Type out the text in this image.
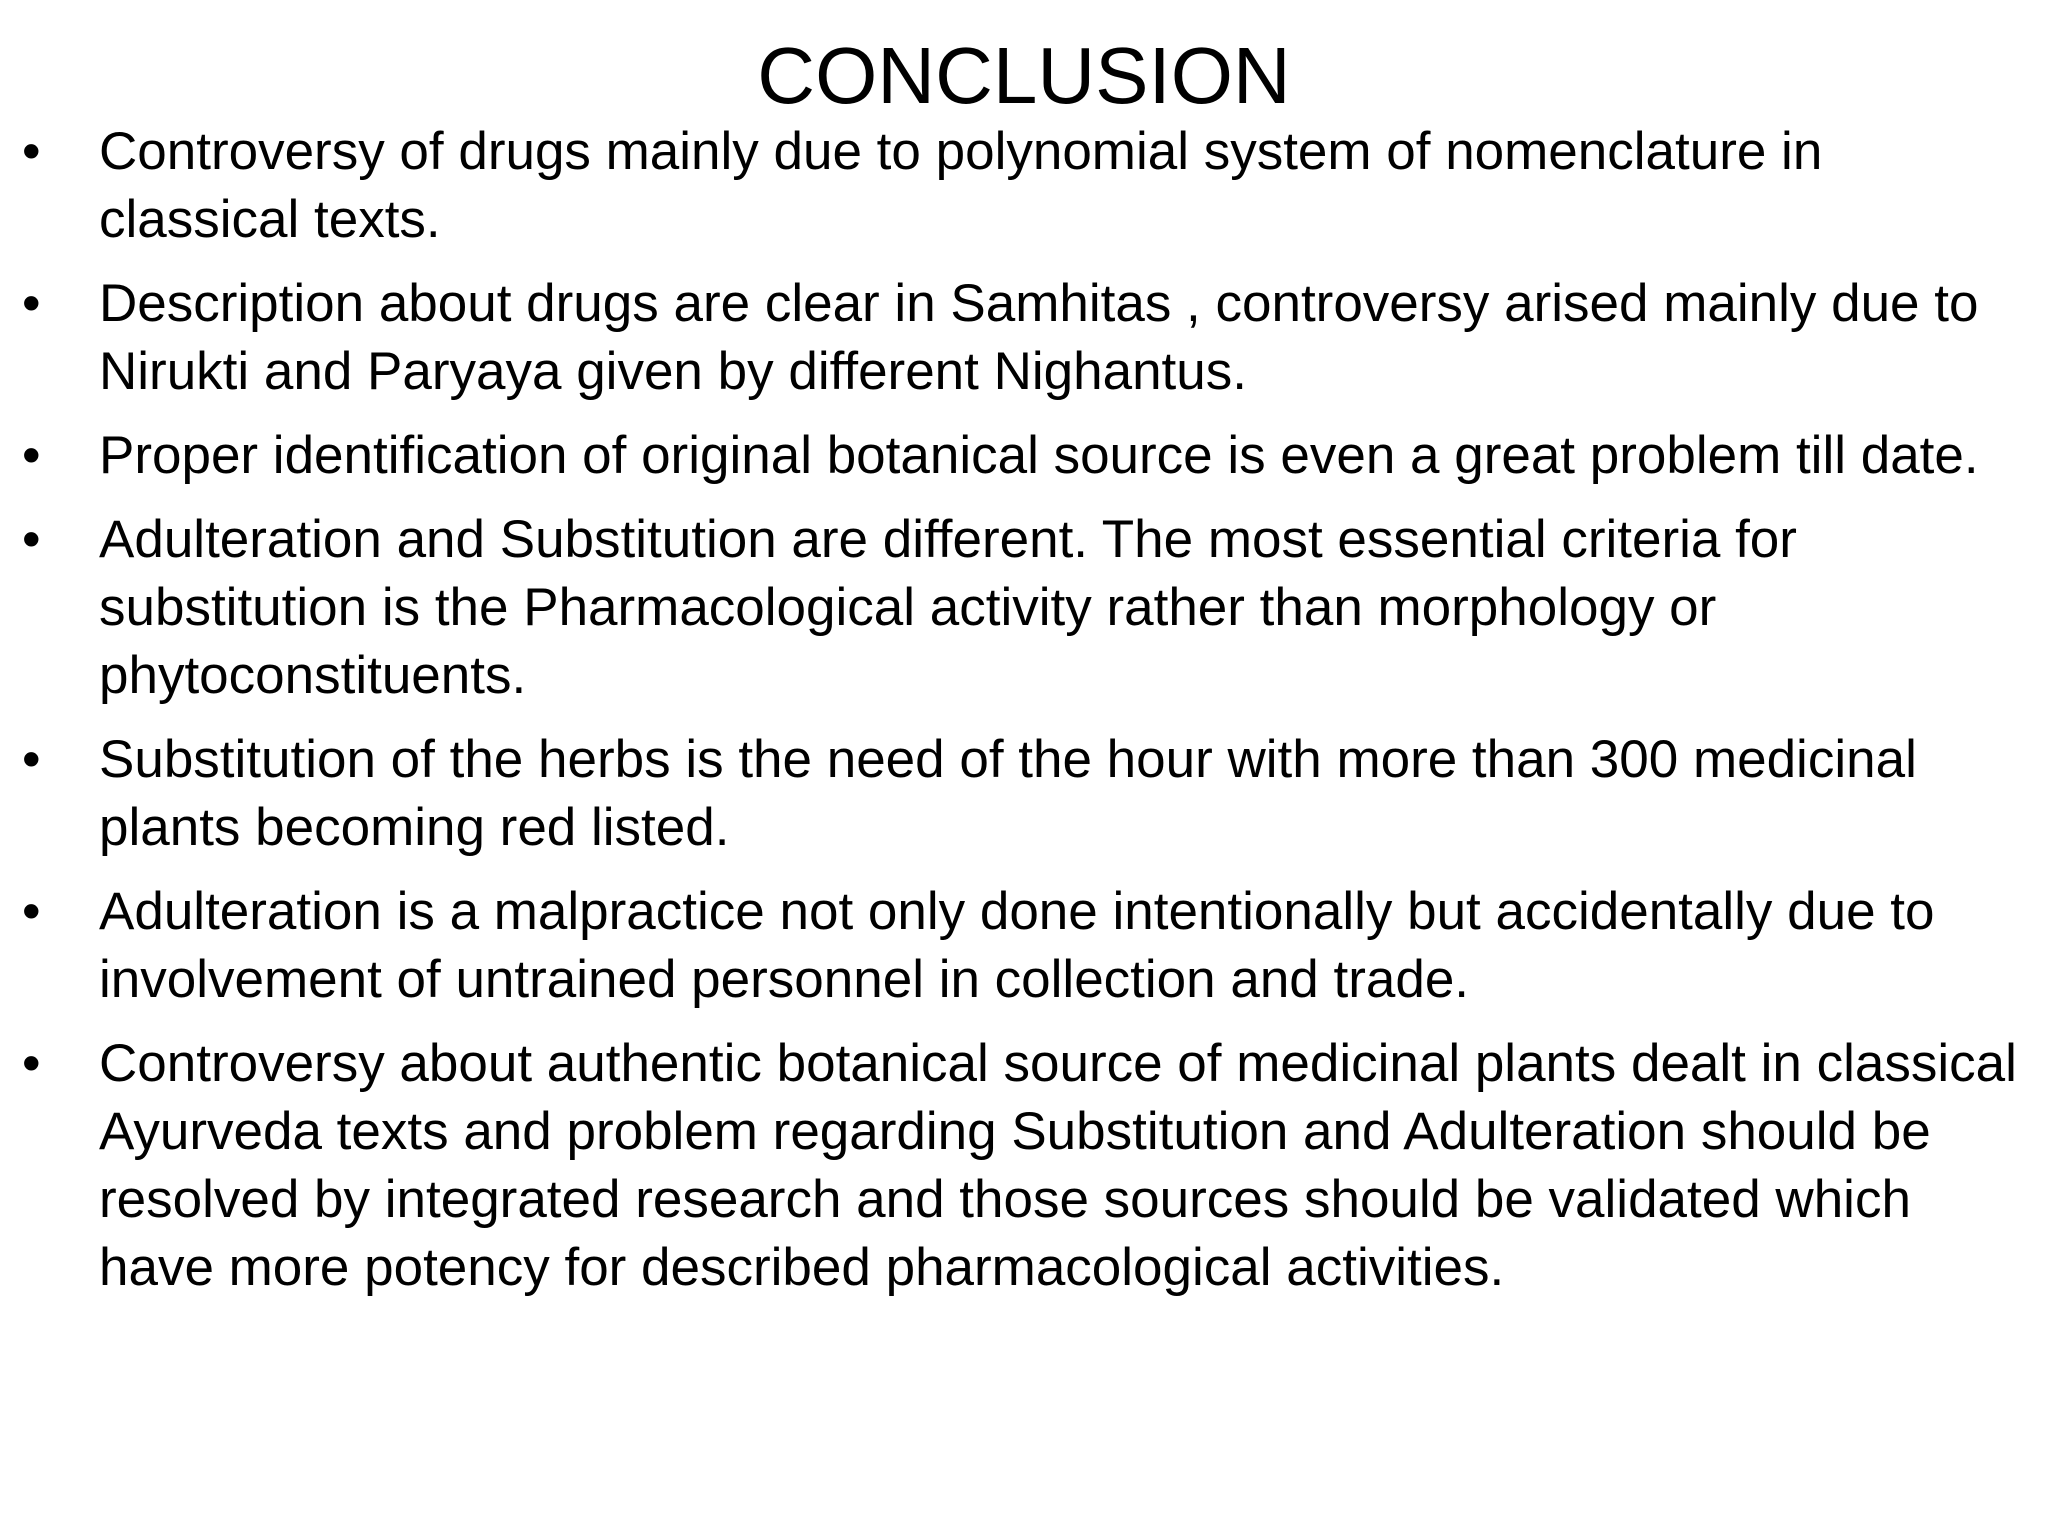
CONCLUSION
•	Controversy of drugs mainly due to polynomial system of nomenclature in classical texts.
•	Description about drugs are clear in Samhitas , controversy arised mainly due to Nirukti and Paryaya given by different Nighantus.
•	Proper identification of original botanical source is even a great problem till date.
•	Adulteration and Substitution are different. The most essential criteria for substitution is the Pharmacological activity rather than morphology or phytoconstituents.
•	Substitution of the herbs is the need of the hour with more than 300 medicinal plants becoming red listed.
•	Adulteration is a malpractice not only done intentionally but accidentally due to involvement of untrained personnel in collection and trade.
•	Controversy about authentic botanical source of medicinal plants dealt in classical Ayurveda texts and problem regarding Substitution and Adulteration should be resolved by integrated research and those sources should be validated which have more potency for described pharmacological activities.
